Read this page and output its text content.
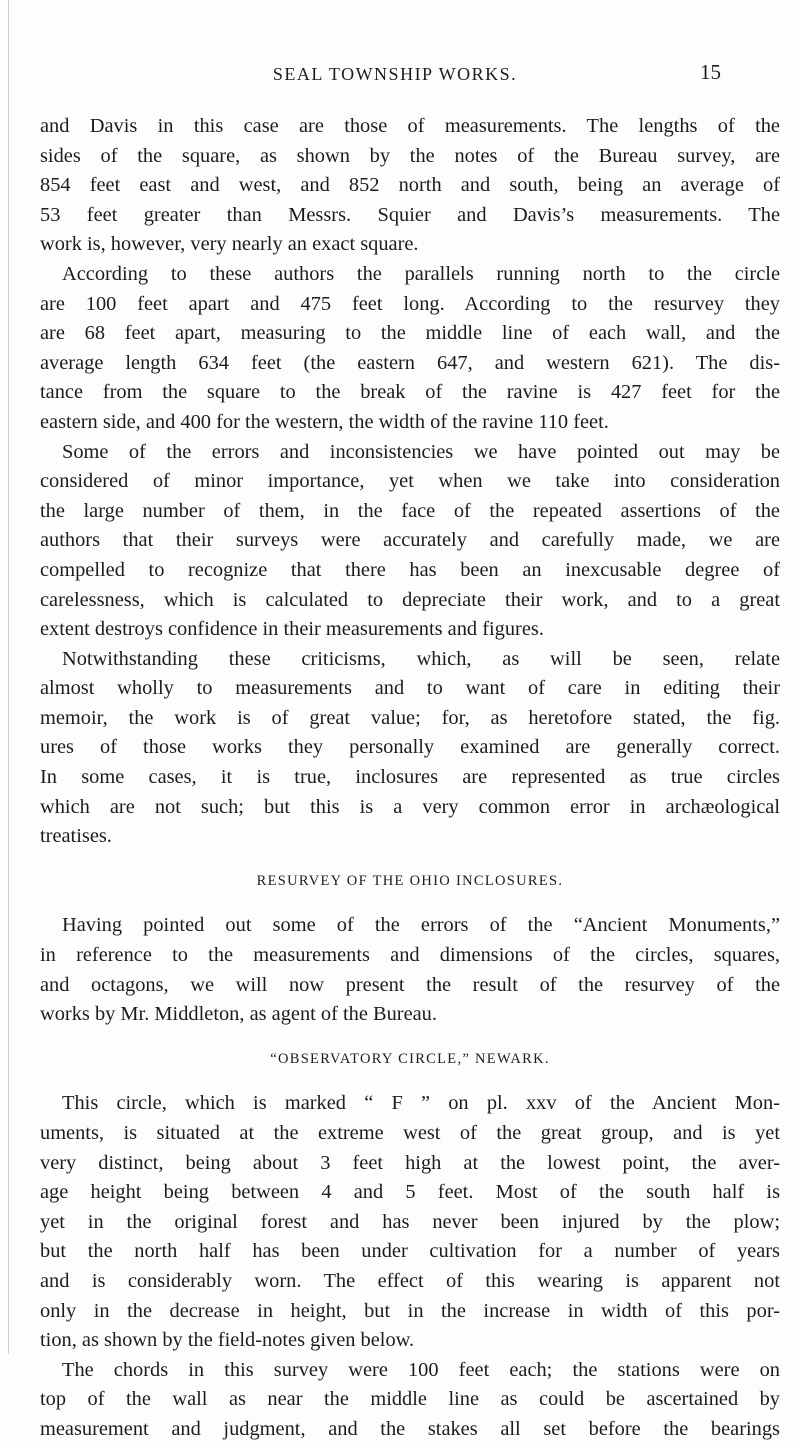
SEAL TOWNSHIP WORKS.	15
and Davis in this case are those of measurements. The lengths of the
sides of the square, as shown by the notes of the Bureau survey, are
854 feet east and west, and 852 north and south, being an average of
53 feet greater than Messrs. Squier and Davis’s measurements. The
work is, however, very nearly an exact square.
According to these authors the parallels running north to the circle
are 100 feet apart and 475 feet long. According to the resurvey they
are 68 feet apart, measuring to the middle line of each wall, and the
average length 634 feet (the eastern 647, and western 621). The dis-
tance from the square to the break of the ravine is 427 feet for the
eastern side, and 400 for the western, the width of the ravine 110 feet.
Some of the errors and inconsistencies we have pointed out may be
considered of minor importance, yet when we take into consideration
the large number of them, in the face of the repeated assertions of the
authors that their surveys were accurately and carefully made, we are
compelled to recognize that there has been an inexcusable degree of
carelessness, which is calculated to depreciate their work, and to a great
extent destroys confidence in their measurements and figures.
Notwithstanding these criticisms, which, as will be seen, relate
almost wholly to measurements and to want of care in editing their
memoir, the work is of great value; for, as heretofore stated, the fig.
ures of those works they personally examined are generally correct.
In some cases, it is true, inclosures are represented as true circles
which are not such; but this is a very common error in archæological
treatises.
RESURVEY OF THE OHIO INCLOSURES.
Having pointed out some of the errors of the “Ancient Monuments,”
in reference to the measurements and dimensions of the circles, squares,
and octagons, we will now present the result of the resurvey of the
works by Mr. Middleton, as agent of the Bureau.
“OBSERVATORY CIRCLE,” NEWARK.
This circle, which is marked “ F ” on pl. xxv of the Ancient Mon-
uments, is situated at the extreme west of the great group, and is yet
very distinct, being about 3 feet high at the lowest point, the aver-
age height being between 4 and 5 feet. Most of the south half is
yet in the original forest and has never been injured by the plow;
but the north half has been under cultivation for a number of years
and is considerably worn. The effect of this wearing is apparent not
only in the decrease in height, but in the increase in width of this por-
tion, as shown by the field-notes given below.
The chords in this survey were 100 feet each; the stations were on
top of the wall as near the middle line as could be ascertained by
measurement and judgment, and the stakes all set before the bearings
